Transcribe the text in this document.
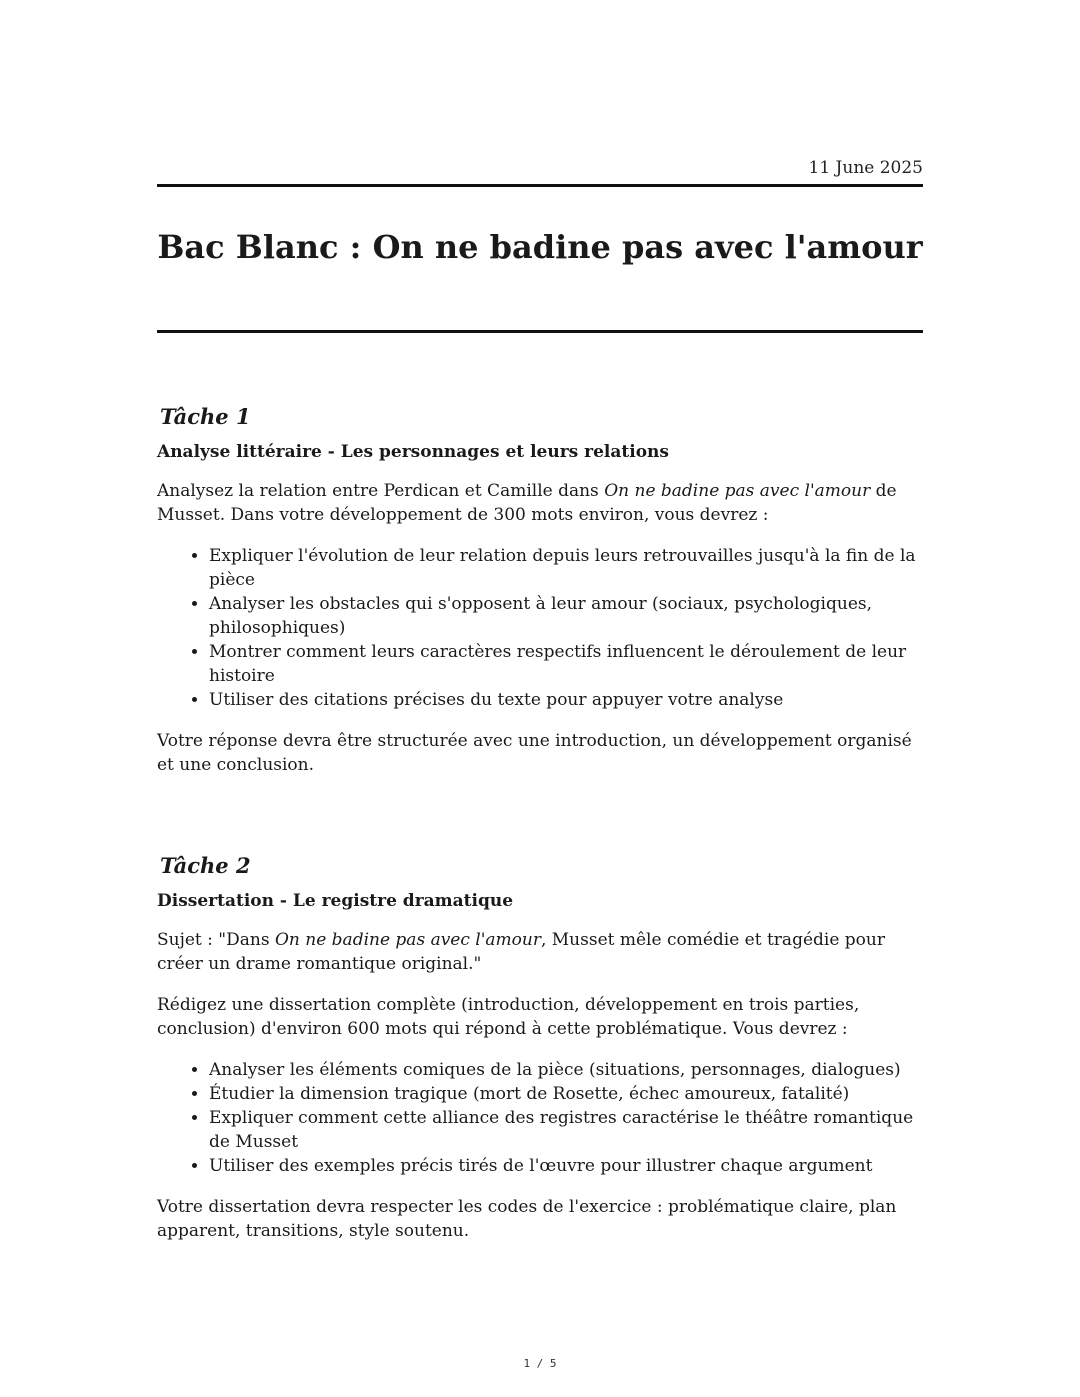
11 June 2025
Bac Blanc : On ne badine pas avec l'amour
Tâche 1
Analyse littéraire - Les personnages et leurs relations

Analysez la relation entre Perdican et Camille dans On ne badine pas avec l'amour de Musset. Dans votre développement de 300 mots environ, vous devrez :

• Expliquer l'évolution de leur relation depuis leurs retrouvailles jusqu'à la fin de la pièce
• Analyser les obstacles qui s'opposent à leur amour (sociaux, psychologiques, philosophiques)
• Montrer comment leurs caractères respectifs influencent le déroulement de leur histoire
• Utiliser des citations précises du texte pour appuyer votre analyse

Votre réponse devra être structurée avec une introduction, un développement organisé et une conclusion.

Tâche 2
Dissertation - Le registre dramatique

Sujet : "Dans On ne badine pas avec l'amour, Musset mêle comédie et tragédie pour créer un drame romantique original."

Rédigez une dissertation complète (introduction, développement en trois parties, conclusion) d'environ 600 mots qui répond à cette problématique. Vous devrez :

• Analyser les éléments comiques de la pièce (situations, personnages, dialogues)
• Étudier la dimension tragique (mort de Rosette, échec amoureux, fatalité)
• Expliquer comment cette alliance des registres caractérise le théâtre romantique de Musset
• Utiliser des exemples précis tirés de l'œuvre pour illustrer chaque argument

Votre dissertation devra respecter les codes de l'exercice : problématique claire, plan apparent, transitions, style soutenu.

1 / 5
